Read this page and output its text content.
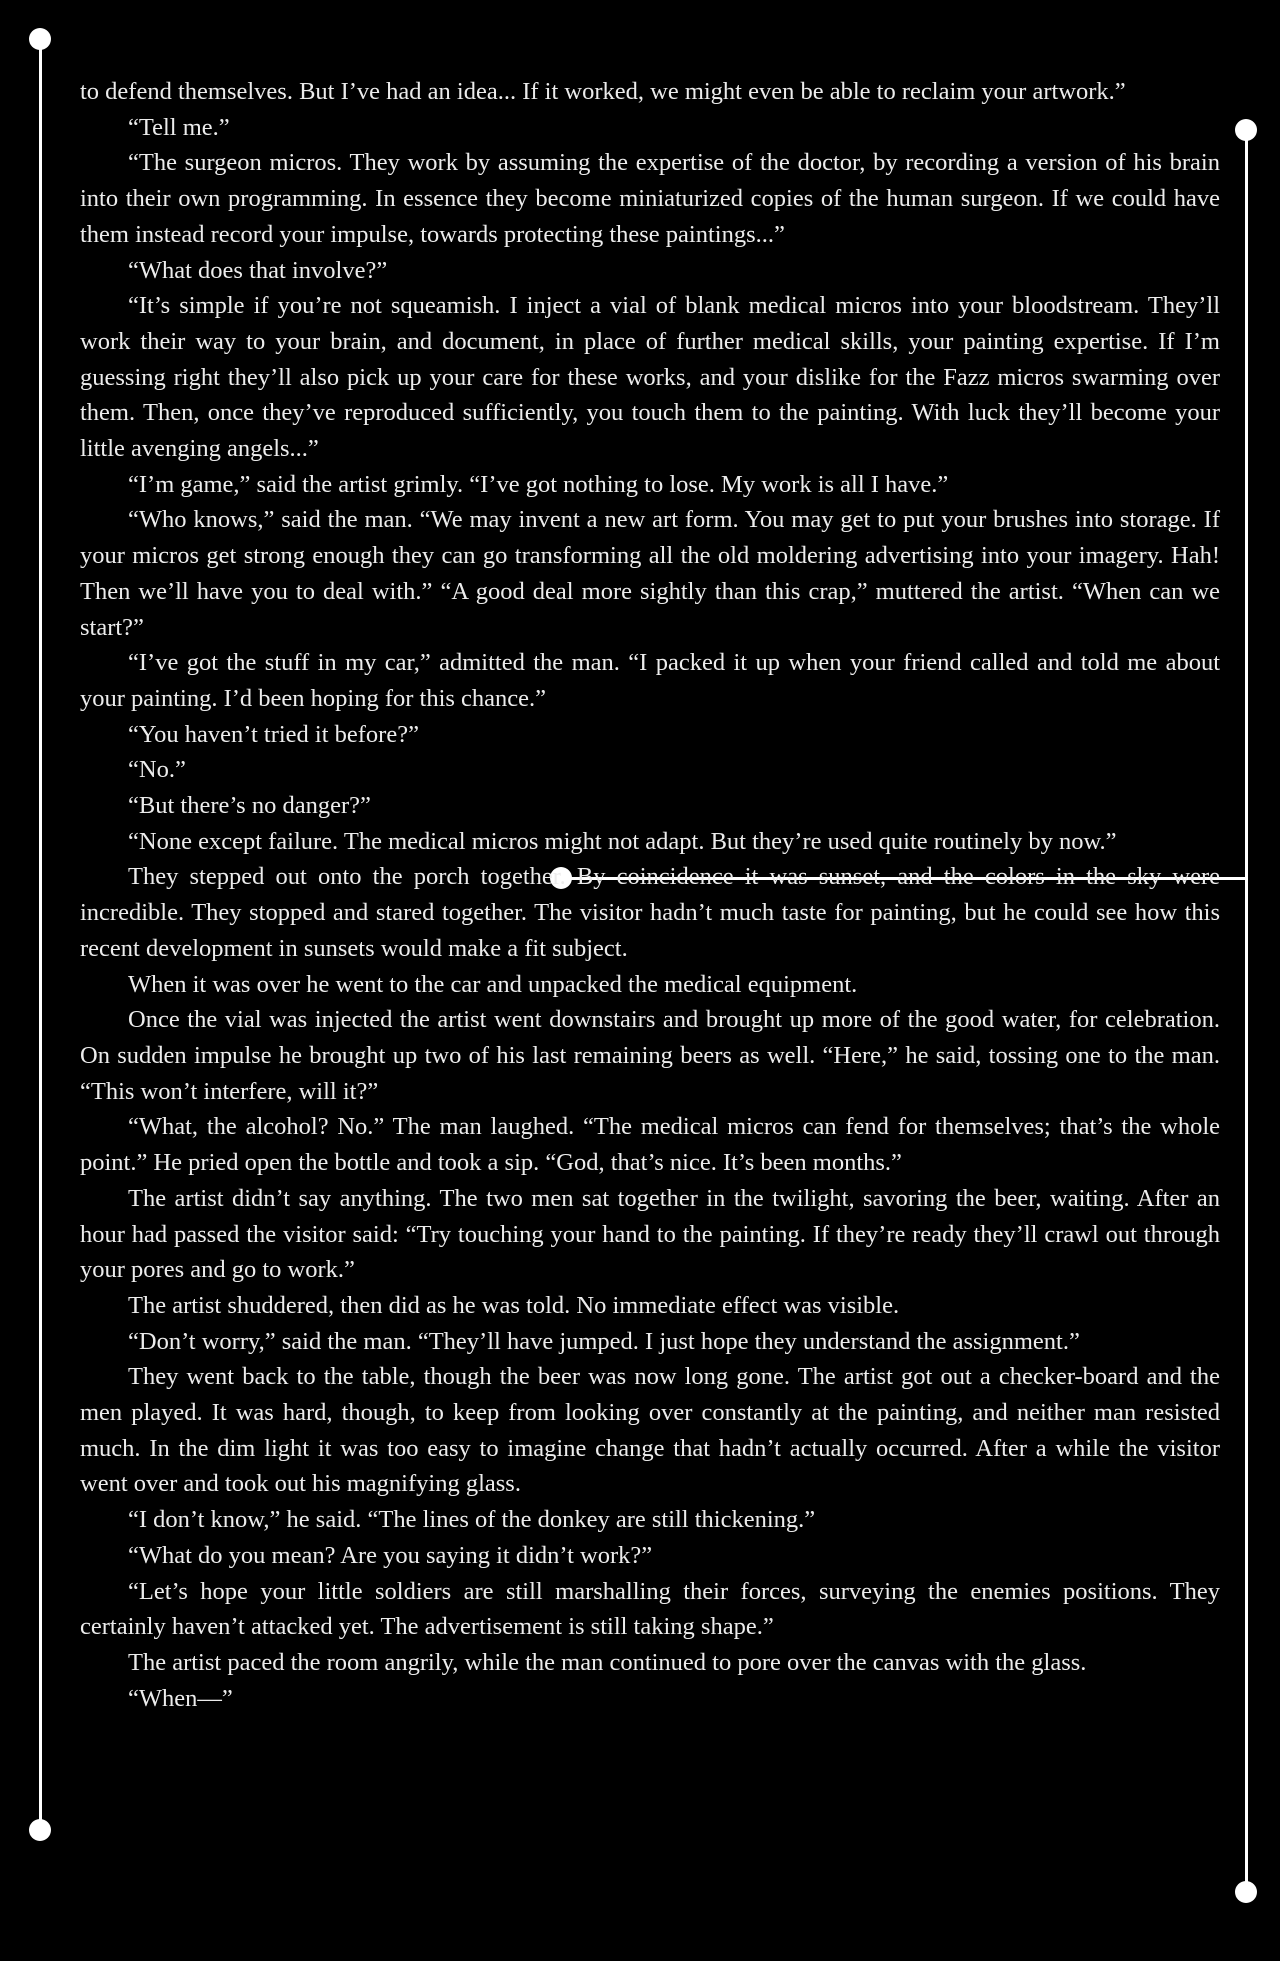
to defend themselves. But I’ve had an idea... If it worked, we might even be able to reclaim your artwork.”

“Tell me.”

“The surgeon micros. They work by assuming the expertise of the doctor, by recording a version of his brain into their own programming. In essence they become miniaturized copies of the human surgeon. If we could have them instead record your impulse, towards protecting these paintings...”

“What does that involve?”

“It’s simple if you’re not squeamish. I inject a vial of blank medical micros into your bloodstream. They’ll work their way to your brain, and document, in place of further medical skills, your painting expertise. If I’m guessing right they’ll also pick up your care for these works, and your dislike for the Fazz micros swarming over them. Then, once they’ve reproduced sufficiently, you touch them to the painting. With luck they’ll become your little avenging angels...”

“I’m game,” said the artist grimly. “I’ve got nothing to lose. My work is all I have.”

“Who knows,” said the man. “We may invent a new art form. You may get to put your brushes into storage. If your micros get strong enough they can go transforming all the old moldering advertising into your imagery. Hah! Then we’ll have you to deal with.” “A good deal more sightly than this crap,” muttered the artist. “When can we start?”

“I’ve got the stuff in my car,” admitted the man. “I packed it up when your friend called and told me about your painting. I’d been hoping for this chance.”

“You haven’t tried it before?”

“No.”

“But there’s no danger?”

“None except failure. The medical micros might not adapt. But they’re used quite routinely by now.”

They stepped out onto the porch together. By coincidence it was sunset, and the colors in the sky were incredible. They stopped and stared together. The visitor hadn’t much taste for painting, but he could see how this recent development in sunsets would make a fit subject.

When it was over he went to the car and unpacked the medical equipment.

Once the vial was injected the artist went downstairs and brought up more of the good water, for celebration. On sudden impulse he brought up two of his last remaining beers as well. “Here,” he said, tossing one to the man. “This won’t interfere, will it?”

“What, the alcohol? No.” The man laughed. “The medical micros can fend for themselves; that’s the whole point.” He pried open the bottle and took a sip. “God, that’s nice. It’s been months.”

The artist didn’t say anything. The two men sat together in the twilight, savoring the beer, waiting. After an hour had passed the visitor said: “Try touching your hand to the painting. If they’re ready they’ll crawl out through your pores and go to work.”

The artist shuddered, then did as he was told. No immediate effect was visible.

“Don’t worry,” said the man. “They’ll have jumped. I just hope they understand the assignment.”

They went back to the table, though the beer was now long gone. The artist got out a checker-board and the men played. It was hard, though, to keep from looking over constantly at the painting, and neither man resisted much. In the dim light it was too easy to imagine change that hadn’t actually occurred. After a while the visitor went over and took out his magnifying glass.

“I don’t know,” he said. “The lines of the donkey are still thickening.”

“What do you mean? Are you saying it didn’t work?”

“Let’s hope your little soldiers are still marshalling their forces, surveying the enemies positions. They certainly haven’t attacked yet. The advertisement is still taking shape.”

The artist paced the room angrily, while the man continued to pore over the canvas with the glass.

“When—”
